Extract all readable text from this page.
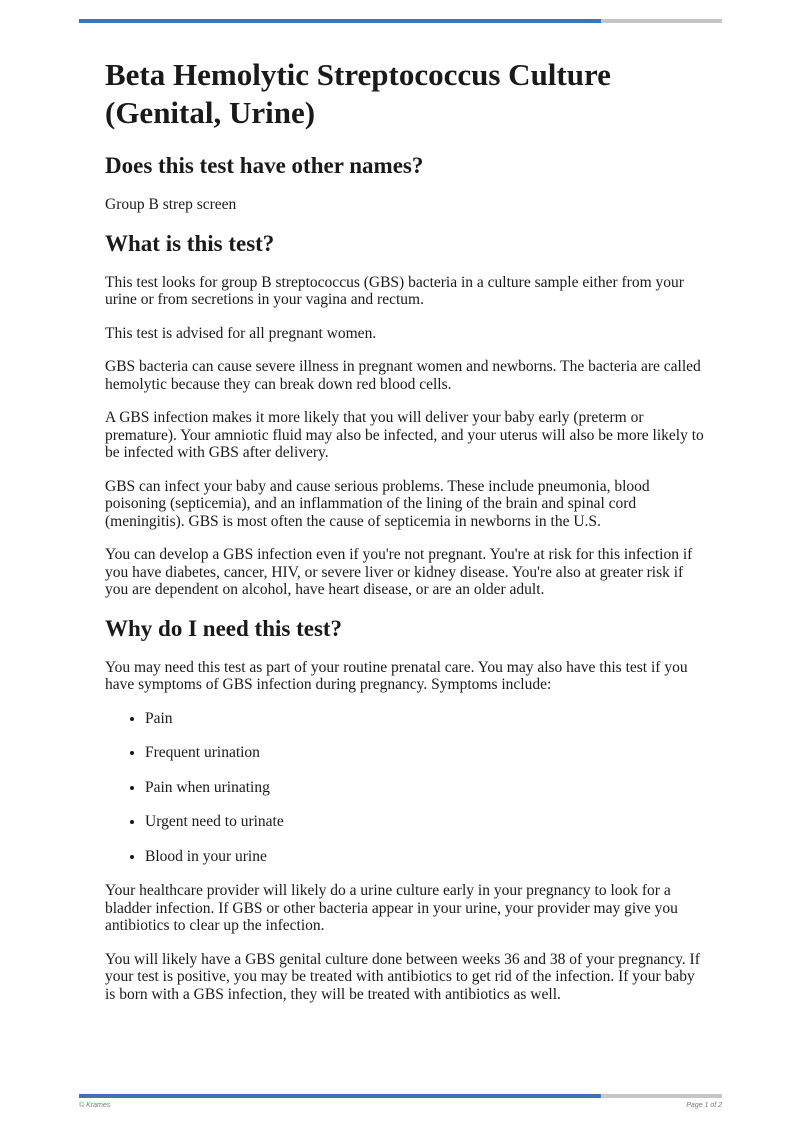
Beta Hemolytic Streptococcus Culture (Genital, Urine)
Does this test have other names?

Group B strep screen

What is this test?

This test looks for group B streptococcus (GBS) bacteria in a culture sample either from your urine or from secretions in your vagina and rectum.

This test is advised for all pregnant women.

GBS bacteria can cause severe illness in pregnant women and newborns. The bacteria are called hemolytic because they can break down red blood cells.

A GBS infection makes it more likely that you will deliver your baby early (preterm or premature). Your amniotic fluid may also be infected, and your uterus will also be more likely to be infected with GBS after delivery.

GBS can infect your baby and cause serious problems. These include pneumonia, blood poisoning (septicemia), and an inflammation of the lining of the brain and spinal cord (meningitis). GBS is most often the cause of septicemia in newborns in the U.S.

You can develop a GBS infection even if you're not pregnant. You're at risk for this infection if you have diabetes, cancer, HIV, or severe liver or kidney disease. You're also at greater risk if you are dependent on alcohol, have heart disease, or are an older adult.

Why do I need this test?

You may need this test as part of your routine prenatal care. You may also have this test if you have symptoms of GBS infection during pregnancy. Symptoms include:

• Pain
• Frequent urination
• Pain when urinating
• Urgent need to urinate
• Blood in your urine

Your healthcare provider will likely do a urine culture early in your pregnancy to look for a bladder infection. If GBS or other bacteria appear in your urine, your provider may give you antibiotics to clear up the infection.

You will likely have a GBS genital culture done between weeks 36 and 38 of your pregnancy. If your test is positive, you may be treated with antibiotics to get rid of the infection. If your baby is born with a GBS infection, they will be treated with antibiotics as well.

© Krames	Page 1 of 2
